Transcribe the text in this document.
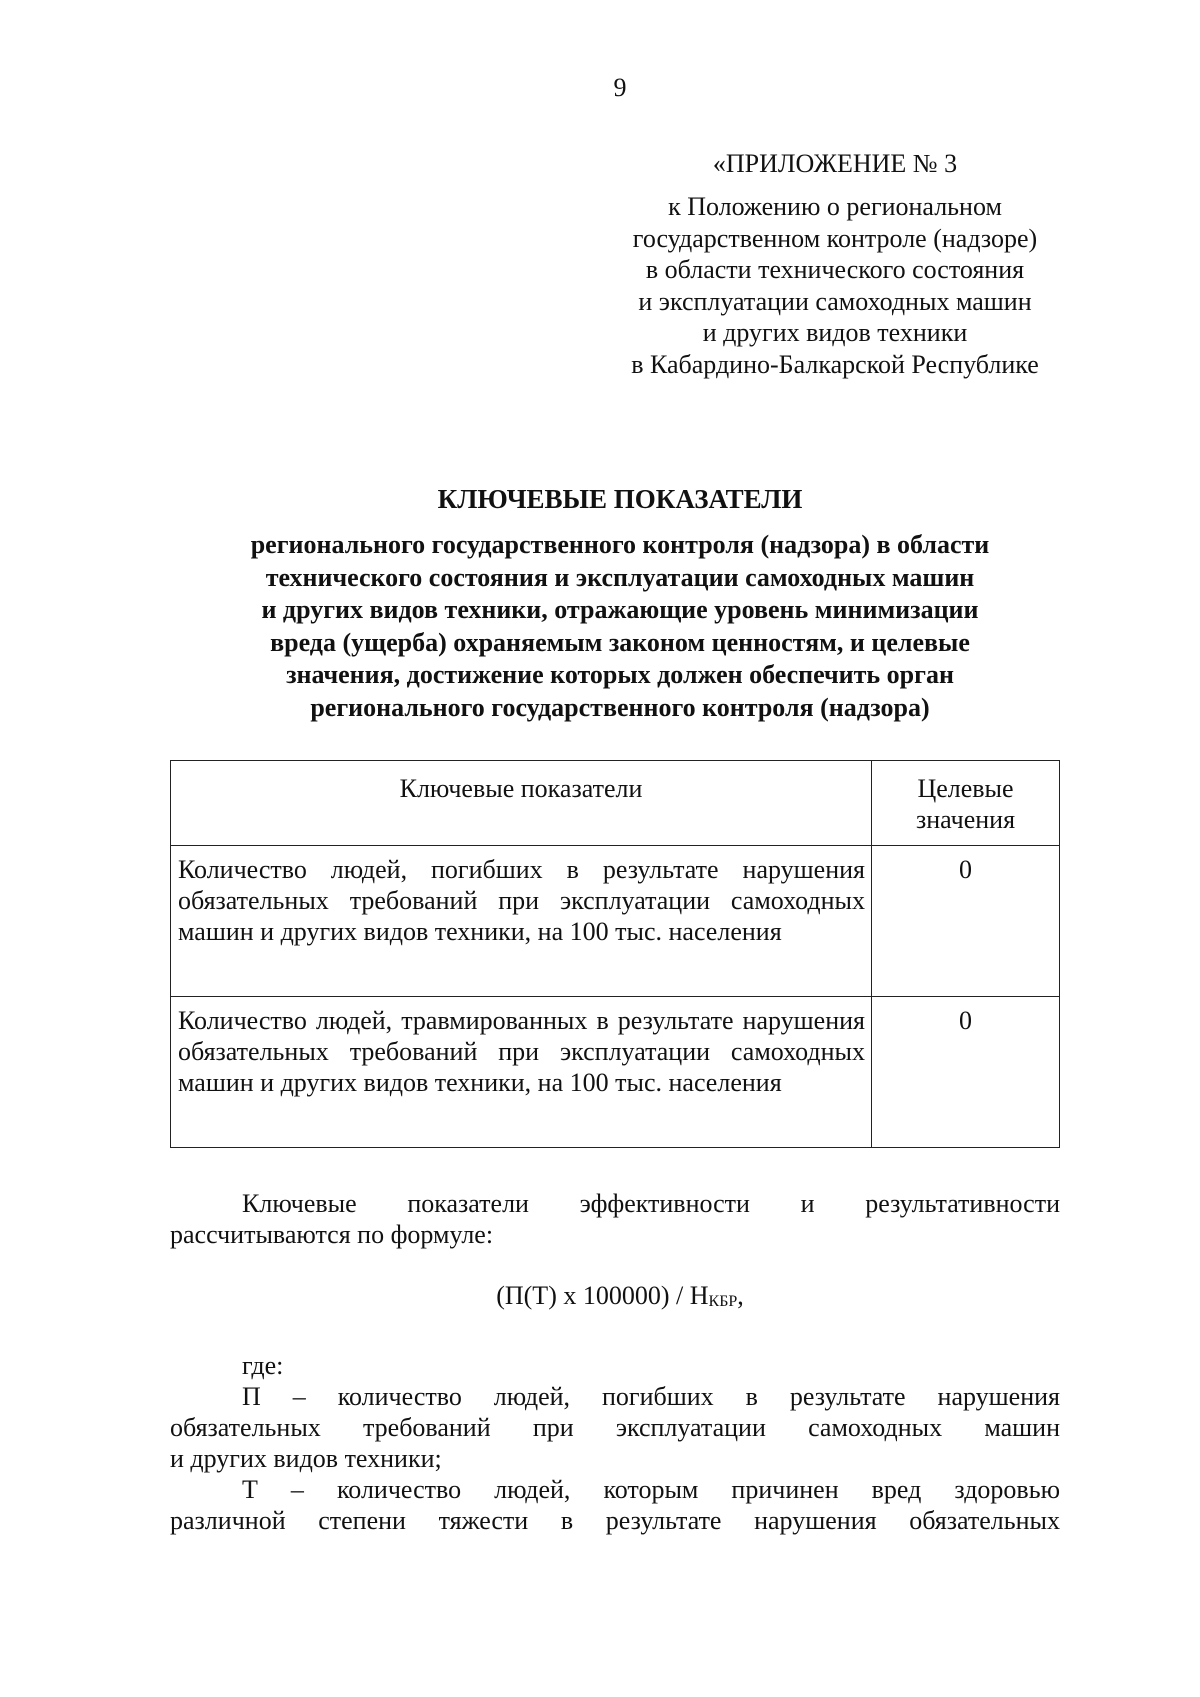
9
«ПРИЛОЖЕНИЕ № 3
к Положению о региональном
государственном контроле (надзоре)
в области технического состояния
и эксплуатации самоходных машин
и других видов техники
в Кабардино-Балкарской Республике
КЛЮЧЕВЫЕ ПОКАЗАТЕЛИ
регионального государственного контроля (надзора) в области
технического состояния и эксплуатации самоходных машин
и других видов техники, отражающие уровень минимизации
вреда (ущерба) охраняемым законом ценностям, и целевые
значения, достижение которых должен обеспечить орган
регионального государственного контроля (надзора)
Ключевые показатели	Целевые значения
Количество людей, погибших в результате нарушения обязательных требований при эксплуатации самоходных машин и других видов техники, на 100 тыс. населения	0
Количество людей, травмированных в результате нарушения обязательных требований при эксплуатации самоходных машин и других видов техники, на 100 тыс. населения	0
Ключевые показатели эффективности и результативности
рассчитываются по формуле:
(П(Т) х $100000) / Н_{КБР}$,
где:
П – количество людей, погибших в результате нарушения
обязательных требований при эксплуатации самоходных машин
и других видов техники;
Т – количество людей, которым причинен вред здоровью
различной степени тяжести в результате нарушения обязательных
